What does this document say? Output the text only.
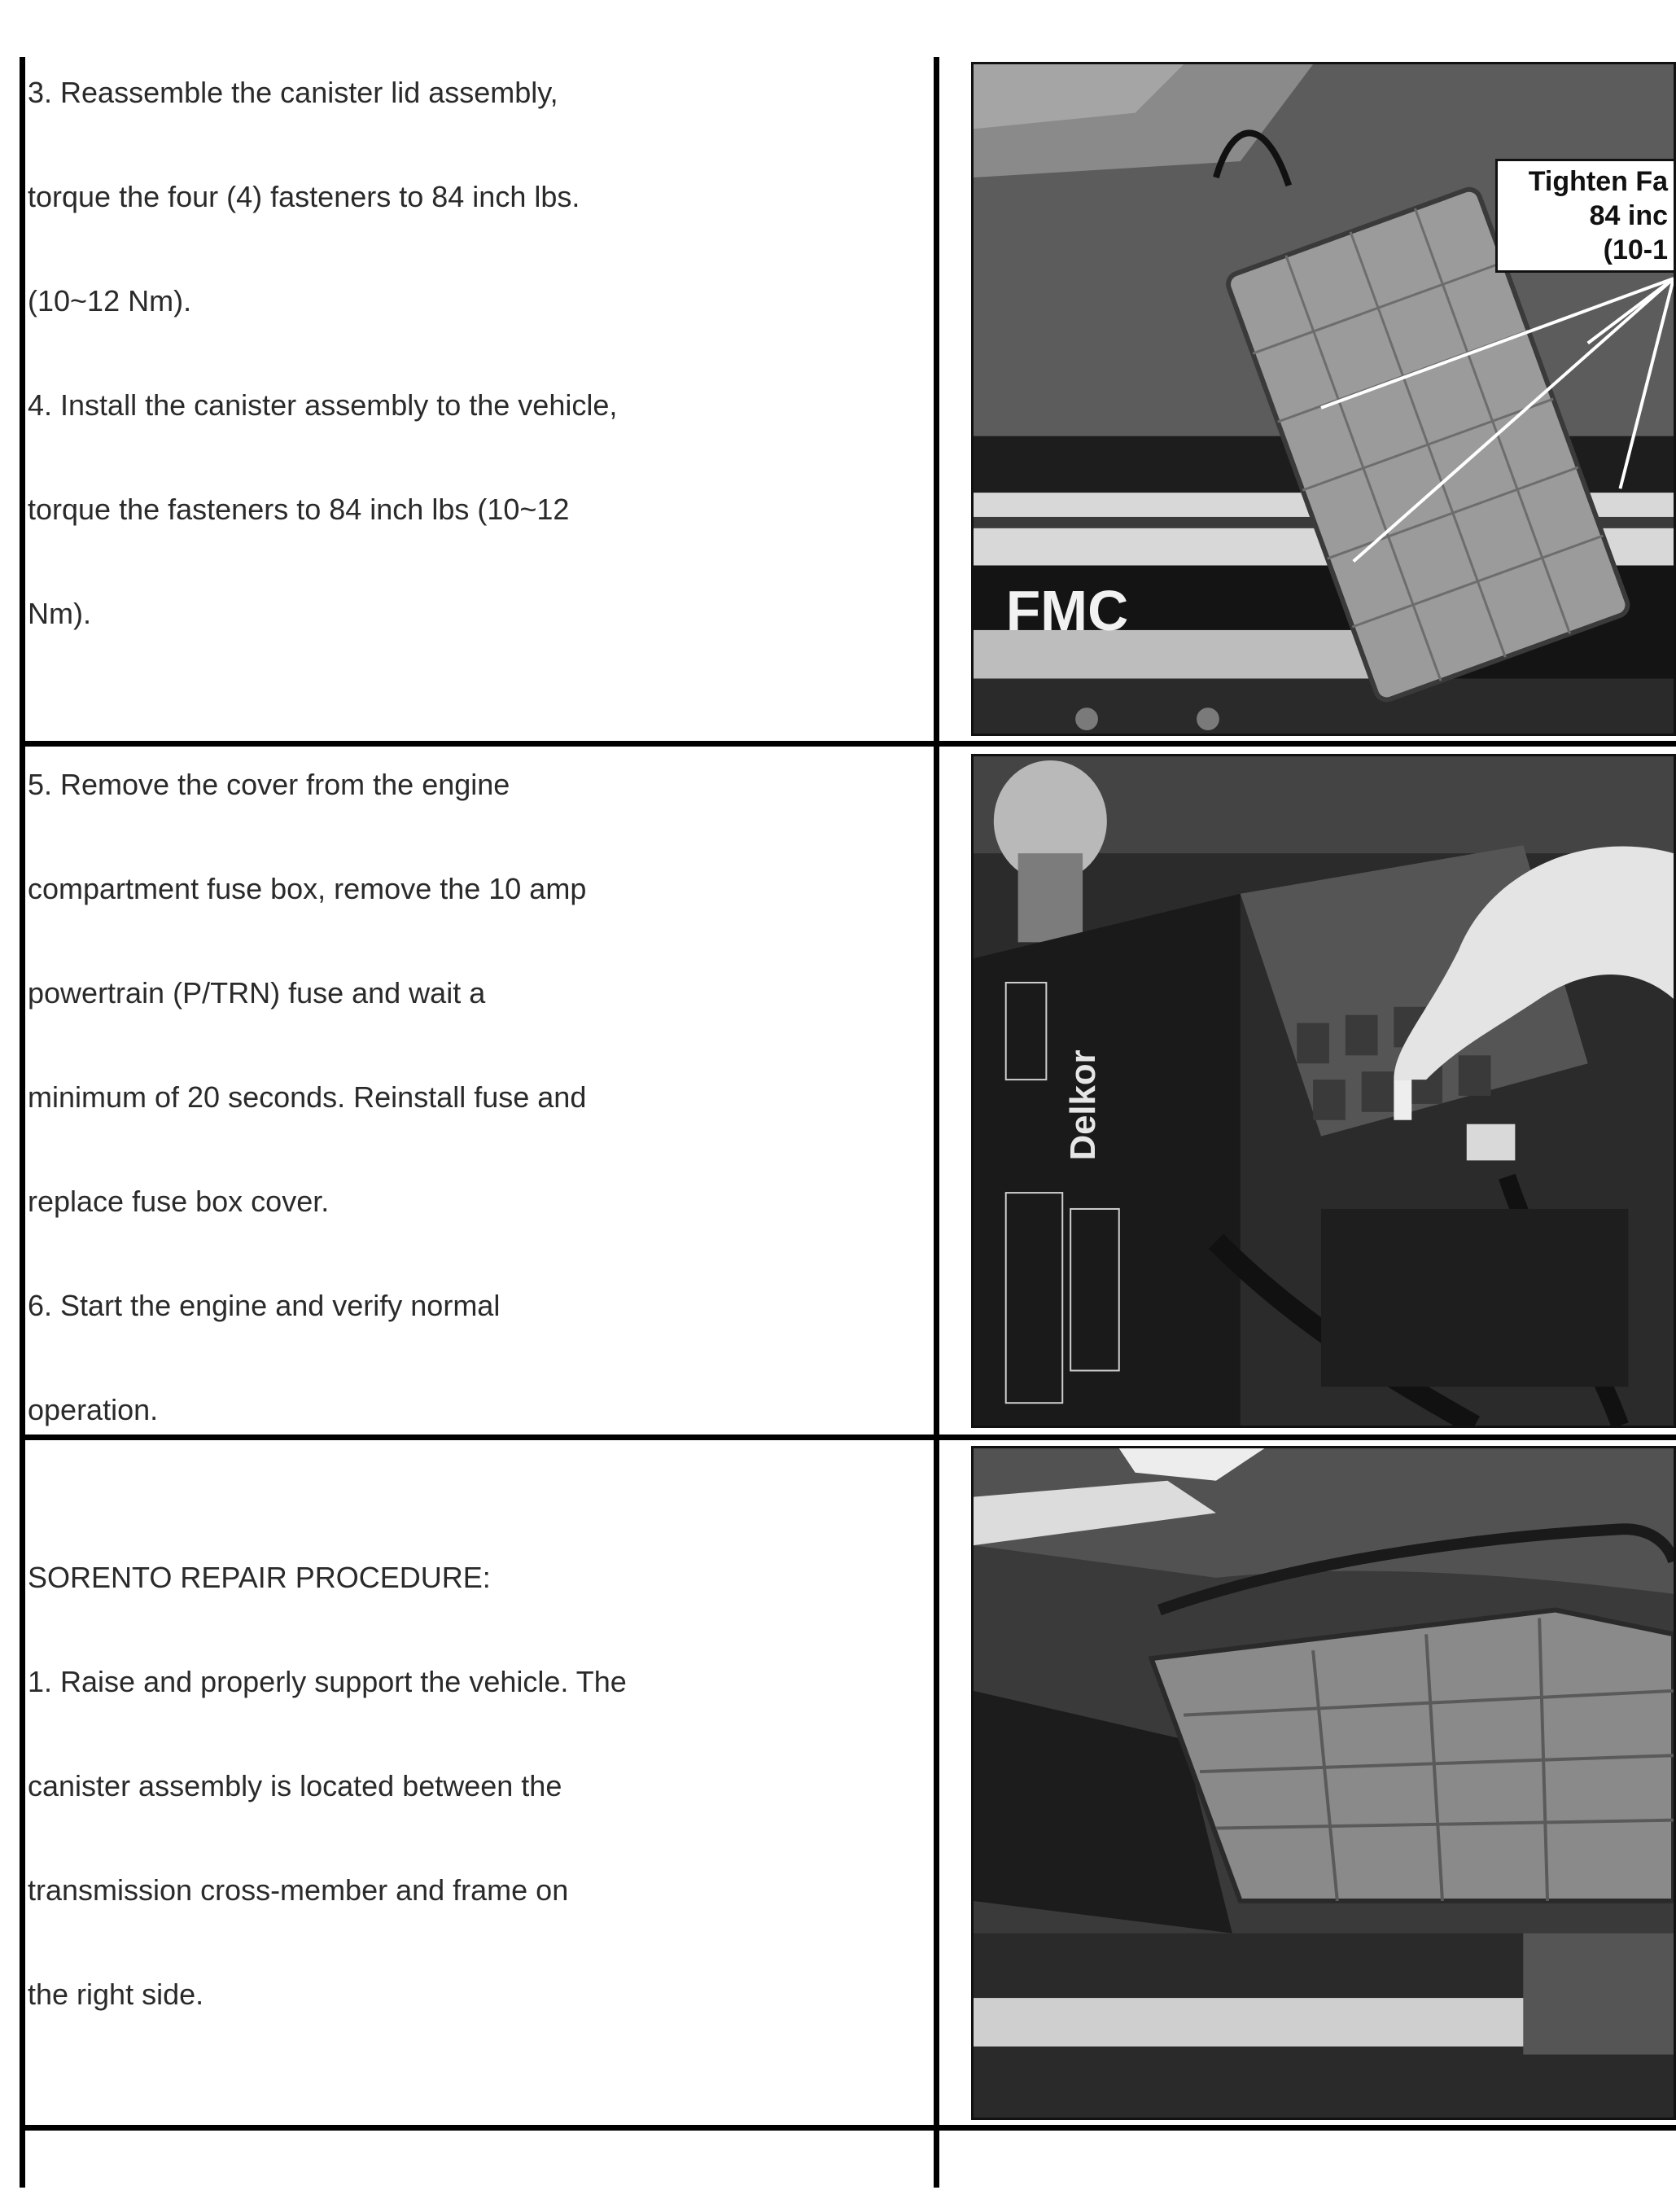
3. Reassemble the canister lid assembly,

torque the four (4) fasteners to 84 inch lbs.

(10~12 Nm).

4. Install the canister assembly to the vehicle,

torque the fasteners to 84 inch lbs (10~12

Nm).	FMC
Tighten Fa
84 inc
(10-1

5. Remove the cover from the engine

compartment fuse box, remove the 10 amp

powertrain (P/TRN) fuse and wait a

minimum of 20 seconds. Reinstall fuse and

replace fuse box cover.

6. Start the engine and verify normal

operation.

Delkor

SORENTO REPAIR PROCEDURE:

1. Raise and properly support the vehicle. The

canister assembly is located between the

transmission cross-member and frame on

the right side.
